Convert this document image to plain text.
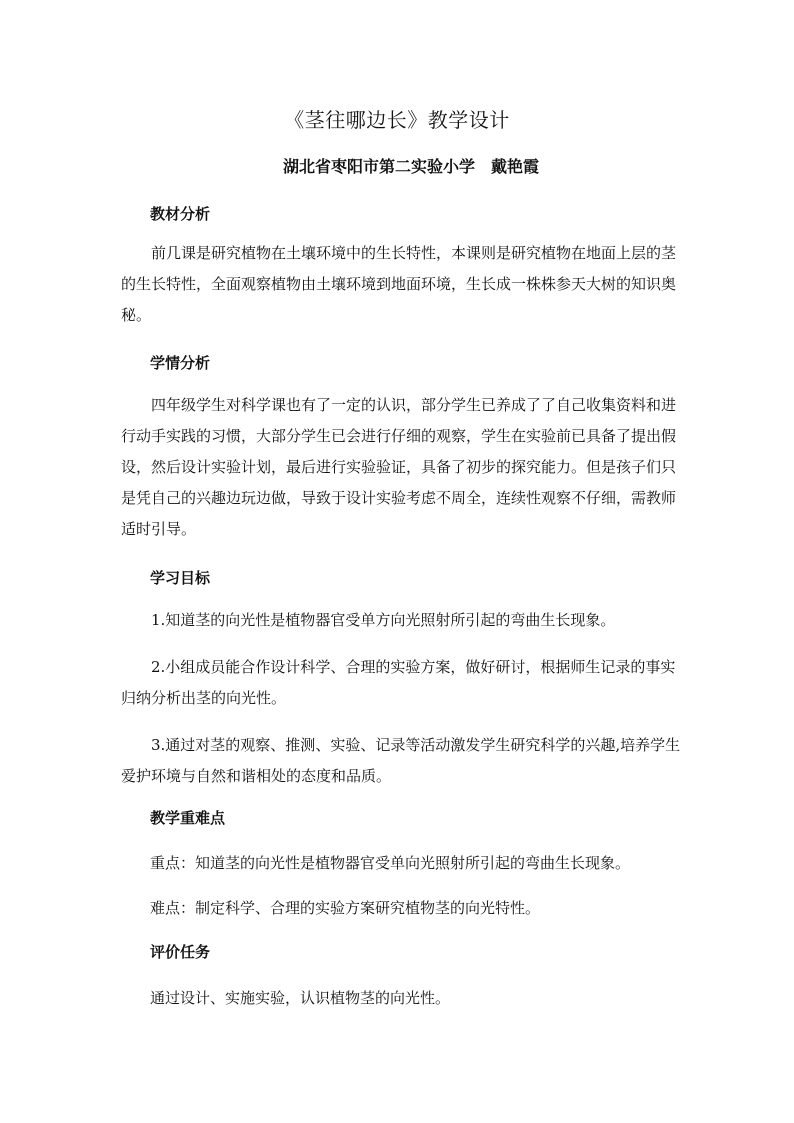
《茎往哪边长》教学设计
湖北省枣阳市第二实验小学　戴艳霞
教材分析
前几课是研究植物在土壤环境中的生长特性，本课则是研究植物在地面上层的茎的生长特性，全面观察植物由土壤环境到地面环境，生长成一株株参天大树的知识奥秘。
学情分析
四年级学生对科学课也有了一定的认识，部分学生已养成了了自己收集资料和进行动手实践的习惯，大部分学生已会进行仔细的观察，学生在实验前已具备了提出假设，然后设计实验计划，最后进行实验验证，具备了初步的探究能力。但是孩子们只是凭自己的兴趣边玩边做，导致于设计实验考虑不周全，连续性观察不仔细，需教师适时引导。
学习目标
1.知道茎的向光性是植物器官受单方向光照射所引起的弯曲生长现象。
2.小组成员能合作设计科学、合理的实验方案，做好研讨，根据师生记录的事实归纳分析出茎的向光性。
3.通过对茎的观察、推测、实验、记录等活动激发学生研究科学的兴趣,培养学生爱护环境与自然和谐相处的态度和品质。
教学重难点
重点：知道茎的向光性是植物器官受单向光照射所引起的弯曲生长现象。
难点：制定科学、合理的实验方案研究植物茎的向光特性。
评价任务
通过设计、实施实验，认识植物茎的向光性。
